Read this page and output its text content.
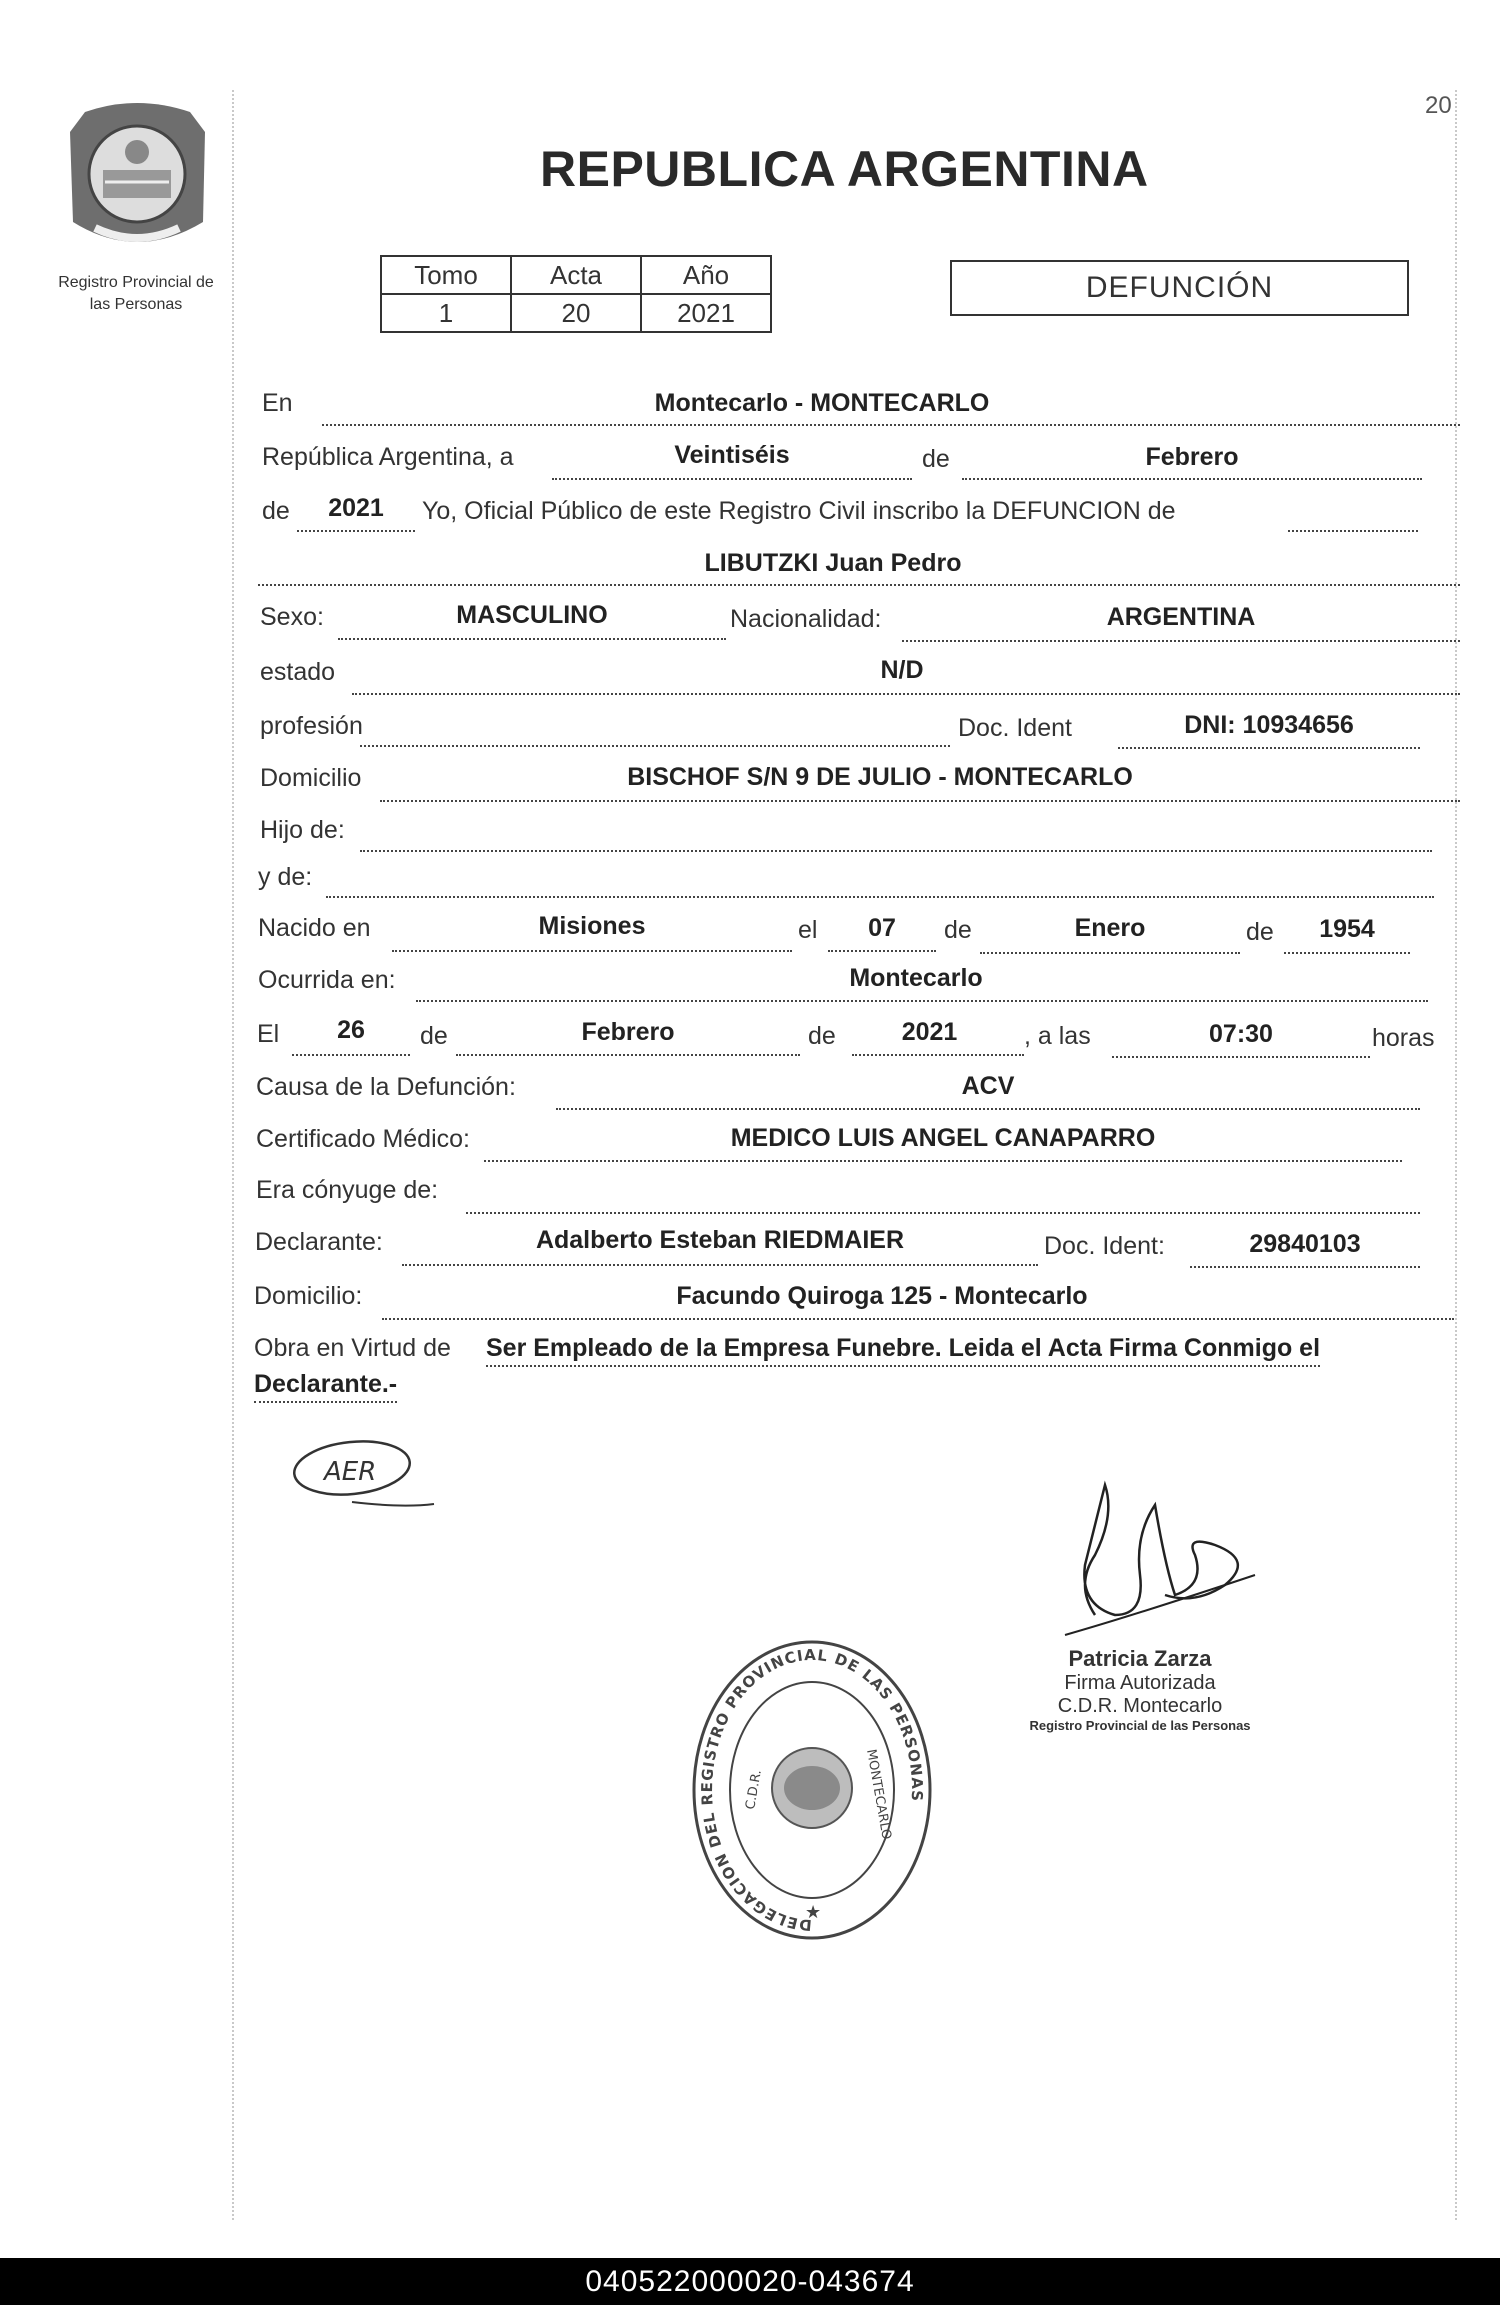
20
Registro Provincial de
las Personas
REPUBLICA ARGENTINA
Tomo	Acta	Año
1	20	2021
DEFUNCIÓN
En	Montecarlo - MONTECARLO
República Argentina, a	Veintiséis	de	Febrero
de	2021	Yo, Oficial Público de este Registro Civil inscribo la DEFUNCION de
LIBUTZKI Juan Pedro
Sexo:	MASCULINO	Nacionalidad:	ARGENTINA
estado	N/D
profesión	Doc. Ident	DNI: 10934656
Domicilio	BISCHOF S/N 9 DE JULIO - MONTECARLO
Hijo de:
y de:
Nacido en	Misiones	el	07	de	Enero	de	1954
Ocurrida en:	Montecarlo
El	26	de	Febrero	de	2021	, a las	07:30	horas
Causa de la Defunción:	ACV
Certificado Médico:	MEDICO LUIS ANGEL CANAPARRO
Era cónyuge de:
Declarante:	Adalberto Esteban RIEDMAIER	Doc. Ident:	29840103
Domicilio:	Facundo Quiroga 125 - Montecarlo
Obra en Virtud de Ser Empleado de la Empresa Funebre. Leida el Acta Firma Conmigo el
Declarante.-
AER
Patricia Zarza
Firma Autorizada
C.D.R. Montecarlo
Registro Provincial de las Personas
DELEGACION DEL REGISTRO PROVINCIAL DE LAS PERSONAS
C.D.R.	MONTECARLO
★
040522000020-043674
